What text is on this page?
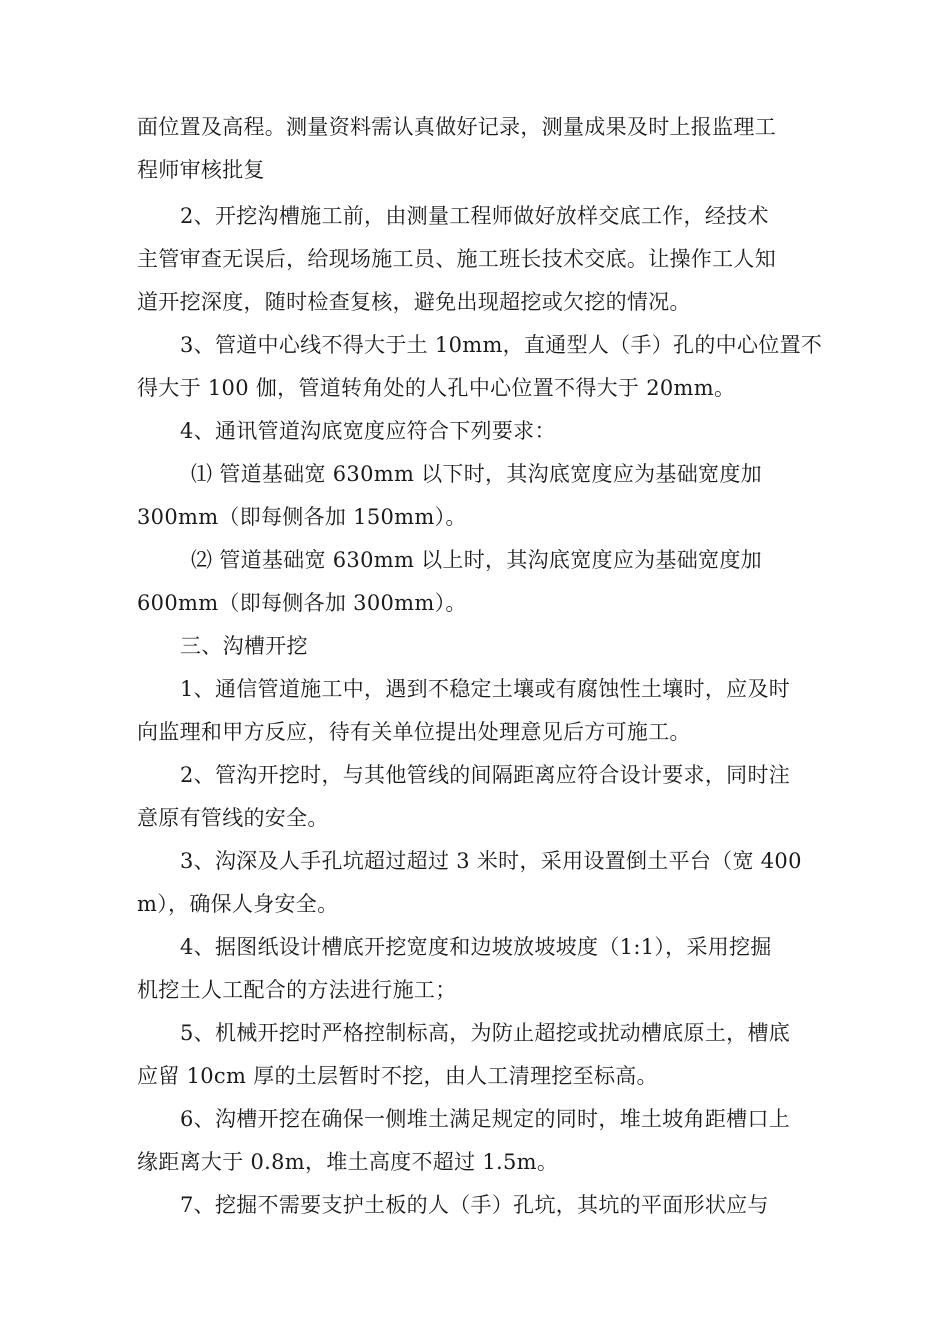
面位置及高程。测量资料需认真做好记录，测量成果及时上报监理工
程师审核批复
2、开挖沟槽施工前，由测量工程师做好放样交底工作，经技术
主管审查无误后，给现场施工员、施工班长技术交底。让操作工人知
道开挖深度，随时检查复核，避免出现超挖或欠挖的情况。
3、管道中心线不得大于土 10mm，直通型人（手）孔的中心位置不
得大于 100 伽，管道转角处的人孔中心位置不得大于 20mm。
4、通讯管道沟底宽度应符合下列要求：
⑴ 管道基础宽 630mm 以下时，其沟底宽度应为基础宽度加
300mm（即每侧各加 150mm）。
⑵ 管道基础宽 630mm 以上时，其沟底宽度应为基础宽度加
600mm（即每侧各加 300mm）。
三、沟槽开挖
1、通信管道施工中，遇到不稳定土壤或有腐蚀性土壤时，应及时
向监理和甲方反应，待有关单位提出处理意见后方可施工。
2、管沟开挖时，与其他管线的间隔距离应符合设计要求，同时注
意原有管线的安全。
3、沟深及人手孔坑超过超过 3 米时，采用设置倒土平台（宽 400
m），确保人身安全。
4、据图纸设计槽底开挖宽度和边坡放坡坡度（1:1），采用挖掘
机挖土人工配合的方法进行施工；
5、机械开挖时严格控制标高，为防止超挖或扰动槽底原土，槽底
应留 10cm 厚的土层暂时不挖，由人工清理挖至标高。
6、沟槽开挖在确保一侧堆土满足规定的同时，堆土坡角距槽口上
缘距离大于 0.8m，堆土高度不超过 1.5m。
7、挖掘不需要支护土板的人（手）孔坑，其坑的平面形状应与
